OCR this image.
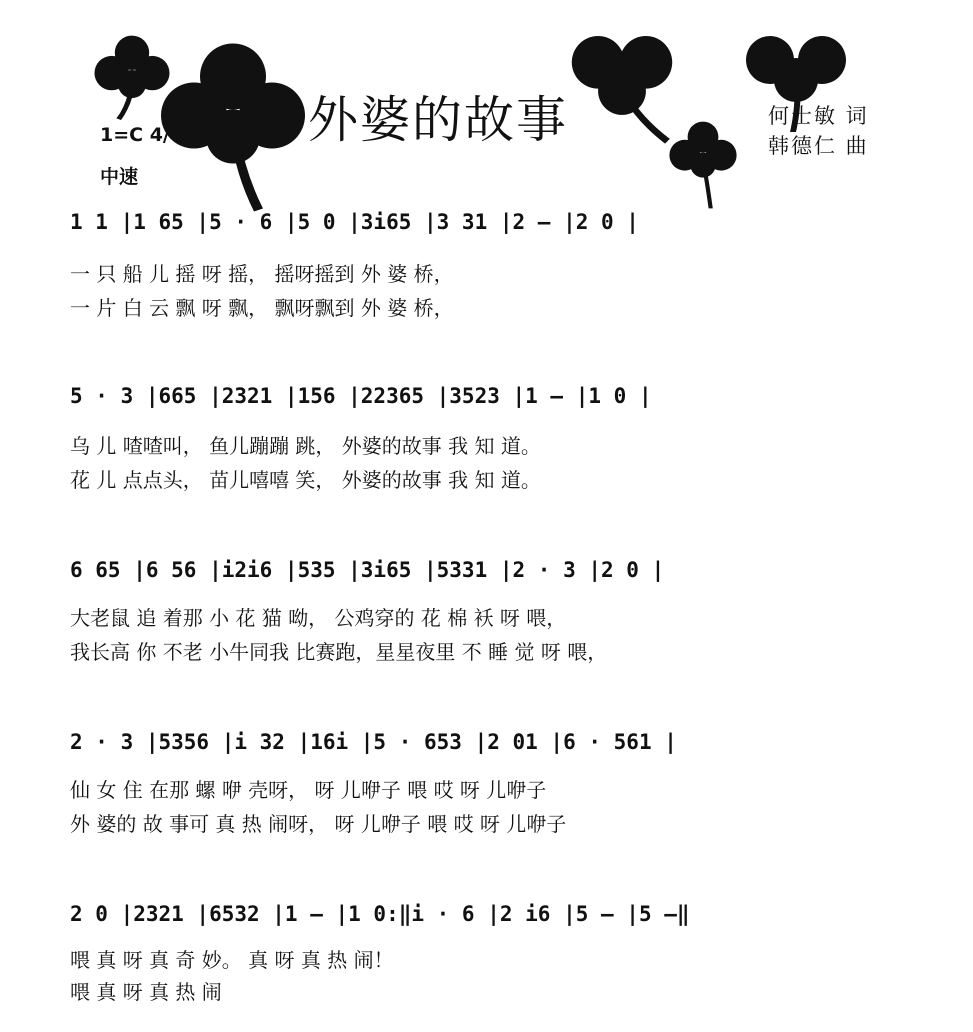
外婆的故事
1=C 4/4
中速
何士敏 词
韩德仁 曲
1 1 |1 65 |5 · 6 |5 0 |3i65 |3 31 |2 — |2 0 |
一 只 船 儿 摇 呀 摇， 摇呀摇到 外 婆 桥，
一 片 白 云 飘 呀 飘， 飘呀飘到 外 婆 桥，
5 · 3 |665 |2321 |156 |22365 |3523 |1 — |1 0 |
乌 儿 喳喳叫， 鱼儿蹦蹦 跳， 外婆的故事 我 知 道。
花 儿 点点头， 苗儿嘻嘻 笑， 外婆的故事 我 知 道。
6 65 |6 56 |i2i6 |535 |3i65 |5331 |2 · 3 |2 0 |
大老鼠 追 着那 小 花 猫 呦， 公鸡穿的 花 棉 袄 呀 喂，
我长高 你 不老 小牛同我 比赛跑，星星夜里 不 睡 觉 呀 喂，
2 · 3 |5356 |i 32 |16i |5 · 653 |2 01 |6 · 561 |
仙 女 住 在那 螺 咿 壳呀， 呀 儿咿子 喂 哎 呀 儿咿子
外 婆的 故 事可 真 热 闹呀， 呀 儿咿子 喂 哎 呀 儿咿子
2 0 |2321 |6532 |1 — |1 0:‖i · 6 |2 i6 |5 — |5 —‖
喂 真 呀 真 奇 妙。 真 呀 真 热 闹！
喂 真 呀 真 热 闹
